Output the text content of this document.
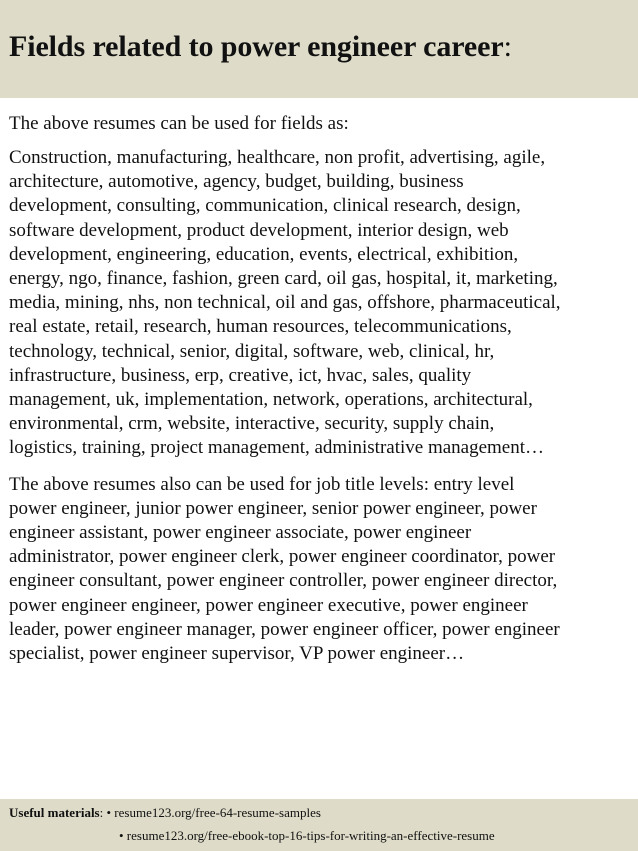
Fields related to power engineer career:

The above resumes can be used for fields as:

Construction, manufacturing, healthcare, non profit, advertising, agile,
architecture, automotive, agency, budget, building, business
development, consulting, communication, clinical research, design,
software development, product development, interior design, web
development, engineering, education, events, electrical, exhibition,
energy, ngo, finance, fashion, green card, oil gas, hospital, it, marketing,
media, mining, nhs, non technical, oil and gas, offshore, pharmaceutical,
real estate, retail, research, human resources, telecommunications,
technology, technical, senior, digital, software, web, clinical, hr,
infrastructure, business, erp, creative, ict, hvac, sales, quality
management, uk, implementation, network, operations, architectural,
environmental, crm, website, interactive, security, supply chain,
logistics, training, project management, administrative management…

The above resumes also can be used for job title levels: entry level
power engineer, junior power engineer, senior power engineer, power
engineer assistant, power engineer associate, power engineer
administrator, power engineer clerk, power engineer coordinator, power
engineer consultant, power engineer controller, power engineer director,
power engineer engineer, power engineer executive, power engineer
leader, power engineer manager, power engineer officer, power engineer
specialist, power engineer supervisor, VP power engineer…

Useful materials: • resume123.org/free-64-resume-samples
• resume123.org/free-ebook-top-16-tips-for-writing-an-effective-resume
